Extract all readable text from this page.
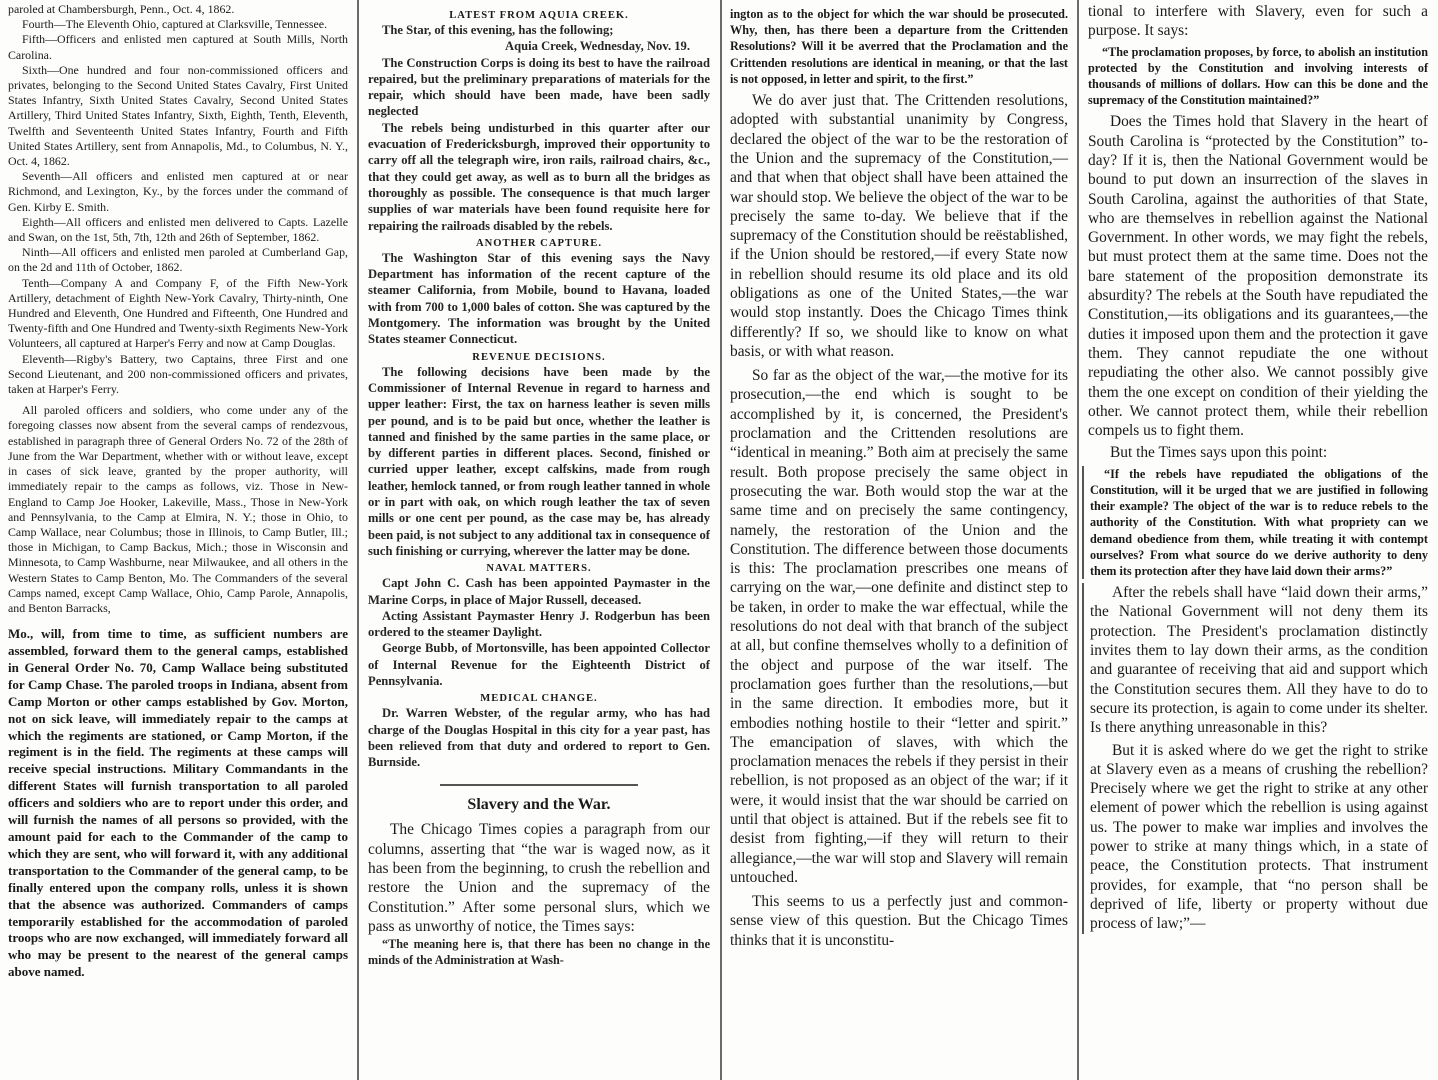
paroled at Chambersburgh, Penn., Oct. 4, 1862.

Fourth—The Eleventh Ohio, captured at Clarksville, Tennessee.

Fifth—Officers and enlisted men captured at South Mills, North Carolina.

Sixth—One hundred and four non-commissioned officers and privates, belonging to the Second United States Cavalry, First United States Infantry, Sixth United States Cavalry, Second United States Artillery, Third United States Infantry, Sixth, Eighth, Tenth, Eleventh, Twelfth and Seventeenth United States Infantry, Fourth and Fifth United States Artillery, sent from Annapolis, Md., to Columbus, N. Y., Oct. 4, 1862.

Seventh—All officers and enlisted men captured at or near Richmond, and Lexington, Ky., by the forces under the command of Gen. Kirby E. Smith.

Eighth—All officers and enlisted men delivered to Capts. Lazelle and Swan, on the 1st, 5th, 7th, 12th and 26th of September, 1862.

Ninth—All officers and enlisted men paroled at Cumberland Gap, on the 2d and 11th of October, 1862.

Tenth—Company A and Company F, of the Fifth New-York Artillery, detachment of Eighth New-York Cavalry, Thirty-ninth, One Hundred and Eleventh, One Hundred and Fifteenth, One Hundred and Twenty-fifth and One Hundred and Twenty-sixth Regiments New-York Volunteers, all captured at Harper's Ferry and now at Camp Douglas.

Eleventh—Rigby's Battery, two Captains, three First and one Second Lieutenant, and 200 non-commissioned officers and privates, taken at Harper's Ferry.

All paroled officers and soldiers, who come under any of the foregoing classes now absent from the several camps of rendezvous, established in paragraph three of General Orders No. 72 of the 28th of June from the War Department, whether with or without leave, except in cases of sick leave, granted by the proper authority, will immediately repair to the camps as follows, viz. Those in New-England to Camp Joe Hooker, Lakeville, Mass., Those in New-York and Pennsylvania, to the Camp at Elmira, N. Y.; those in Ohio, to Camp Wallace, near Columbus; those in Illinois, to Camp Butler, Ill.; those in Michigan, to Camp Backus, Mich.; those in Wisconsin and Minnesota, to Camp Washburne, near Milwaukee, and all others in the Western States to Camp Benton, Mo. The Commanders of the several Camps named, except Camp Wallace, Ohio, Camp Parole, Annapolis, and Benton Barracks,

Mo., will, from time to time, as sufficient numbers are assembled, forward them to the general camps, established in General Order No. 70, Camp Wallace being substituted for Camp Chase. The paroled troops in Indiana, absent from Camp Morton or other camps established by Gov. Morton, not on sick leave, will immediately repair to the camps at which the regiments are stationed, or Camp Morton, if the regiment is in the field. The regiments at these camps will receive special instructions. Military Commandants in the different States will furnish transportation to all paroled officers and soldiers who are to report under this order, and will furnish the names of all persons so provided, with the amount paid for each to the Commander of the camp to which they are sent, who will forward it, with any additional transportation to the Commander of the general camp, to be finally entered upon the company rolls, unless it is shown that the absence was authorized. Commanders of camps temporarily established for the accommodation of paroled troops who are now exchanged, will immediately forward all who may be present to the nearest of the general camps above named.

LATEST FROM AQUIA CREEK.

The Star, of this evening, has the following;

Aquia Creek, Wednesday, Nov. 19.

The Construction Corps is doing its best to have the railroad repaired, but the preliminary preparations of materials for the repair, which should have been made, have been sadly neglected

The rebels being undisturbed in this quarter after our evacuation of Fredericksburgh, improved their opportunity to carry off all the telegraph wire, iron rails, railroad chairs, &c., that they could get away, as well as to burn all the bridges as thoroughly as possible. The consequence is that much larger supplies of war materials have been found requisite here for repairing the railroads disabled by the rebels.

ANOTHER CAPTURE.

The Washington Star of this evening says the Navy Department has information of the recent capture of the steamer California, from Mobile, bound to Havana, loaded with from 700 to 1,000 bales of cotton. She was captured by the Montgomery. The information was brought by the United States steamer Connecticut.

REVENUE DECISIONS.

The following decisions have been made by the Commissioner of Internal Revenue in regard to harness and upper leather: First, the tax on harness leather is seven mills per pound, and is to be paid but once, whether the leather is tanned and finished by the same parties in the same place, or by different parties in different places. Second, finished or curried upper leather, except calfskins, made from rough leather, hemlock tanned, or from rough leather tanned in whole or in part with oak, on which rough leather the tax of seven mills or one cent per pound, as the case may be, has already been paid, is not subject to any additional tax in consequence of such finishing or currying, wherever the latter may be done.

NAVAL MATTERS.

Capt John C. Cash has been appointed Paymaster in the Marine Corps, in place of Major Russell, deceased.

Acting Assistant Paymaster Henry J. Rodgerbun has been ordered to the steamer Daylight.

George Bubb, of Mortonsville, has been appointed Collector of Internal Revenue for the Eighteenth District of Pennsylvania.

MEDICAL CHANGE.

Dr. Warren Webster, of the regular army, who has had charge of the Douglas Hospital in this city for a year past, has been relieved from that duty and ordered to report to Gen. Burnside.

Slavery and the War.

The Chicago Times copies a paragraph from our columns, asserting that “the war is waged now, as it has been from the beginning, to crush the rebellion and restore the Union and the supremacy of the Constitution.” After some personal slurs, which we pass as unworthy of notice, the Times says:

“The meaning here is, that there has been no change in the minds of the Administration at Wash-

ington as to the object for which the war should be prosecuted. Why, then, has there been a departure from the Crittenden Resolutions? Will it be averred that the Proclamation and the Crittenden resolutions are identical in meaning, or that the last is not opposed, in letter and spirit, to the first.”

We do aver just that. The Crittenden resolutions, adopted with substantial unanimity by Congress, declared the object of the war to be the restoration of the Union and the supremacy of the Constitution,—and that when that object shall have been attained the war should stop. We believe the object of the war to be precisely the same to-day. We believe that if the supremacy of the Constitution should be reëstablished, if the Union should be restored,—if every State now in rebellion should resume its old place and its old obligations as one of the United States,—the war would stop instantly. Does the Chicago Times think differently? If so, we should like to know on what basis, or with what reason.

So far as the object of the war,—the motive for its prosecution,—the end which is sought to be accomplished by it, is concerned, the President's proclamation and the Crittenden resolutions are “identical in meaning.” Both aim at precisely the same result. Both propose precisely the same object in prosecuting the war. Both would stop the war at the same time and on precisely the same contingency, namely, the restoration of the Union and the Constitution. The difference between those documents is this: The proclamation prescribes one means of carrying on the war,—one definite and distinct step to be taken, in order to make the war effectual, while the resolutions do not deal with that branch of the subject at all, but confine themselves wholly to a definition of the object and purpose of the war itself. The proclamation goes further than the resolutions,—but in the same direction. It embodies more, but it embodies nothing hostile to their “letter and spirit.” The emancipation of slaves, with which the proclamation menaces the rebels if they persist in their rebellion, is not proposed as an object of the war; if it were, it would insist that the war should be carried on until that object is attained. But if the rebels see fit to desist from fighting,—if they will return to their allegiance,—the war will stop and Slavery will remain untouched.

This seems to us a perfectly just and common-sense view of this question. But the Chicago Times thinks that it is unconstitu-

tional to interfere with Slavery, even for such a purpose. It says:

“The proclamation proposes, by force, to abolish an institution protected by the Constitution and involving interests of thousands of millions of dollars. How can this be done and the supremacy of the Constitution maintained?”

Does the Times hold that Slavery in the heart of South Carolina is “protected by the Constitution” to-day? If it is, then the National Government would be bound to put down an insurrection of the slaves in South Carolina, against the authorities of that State, who are themselves in rebellion against the National Government. In other words, we may fight the rebels, but must protect them at the same time. Does not the bare statement of the proposition demonstrate its absurdity? The rebels at the South have repudiated the Constitution,—its obligations and its guarantees,—the duties it imposed upon them and the protection it gave them. They cannot repudiate the one without repudiating the other also. We cannot possibly give them the one except on condition of their yielding the other. We cannot protect them, while their rebellion compels us to fight them.

But the Times says upon this point:

“If the rebels have repudiated the obligations of the Constitution, will it be urged that we are justified in following their example? The object of the war is to reduce rebels to the authority of the Constitution. With what propriety can we demand obedience from them, while treating it with contempt ourselves? From what source do we derive authority to deny them its protection after they have laid down their arms?”

After the rebels shall have “laid down their arms,” the National Government will not deny them its protection. The President's proclamation distinctly invites them to lay down their arms, as the condition and guarantee of receiving that aid and support which the Constitution secures them. All they have to do to secure its protection, is again to come under its shelter. Is there anything unreasonable in this?

But it is asked where do we get the right to strike at Slavery even as a means of crushing the rebellion? Precisely where we get the right to strike at any other element of power which the rebellion is using against us. The power to make war implies and involves the power to strike at many things which, in a state of peace, the Constitution protects. That instrument provides, for example, that “no person shall be deprived of life, liberty or property without due process of law;”—
